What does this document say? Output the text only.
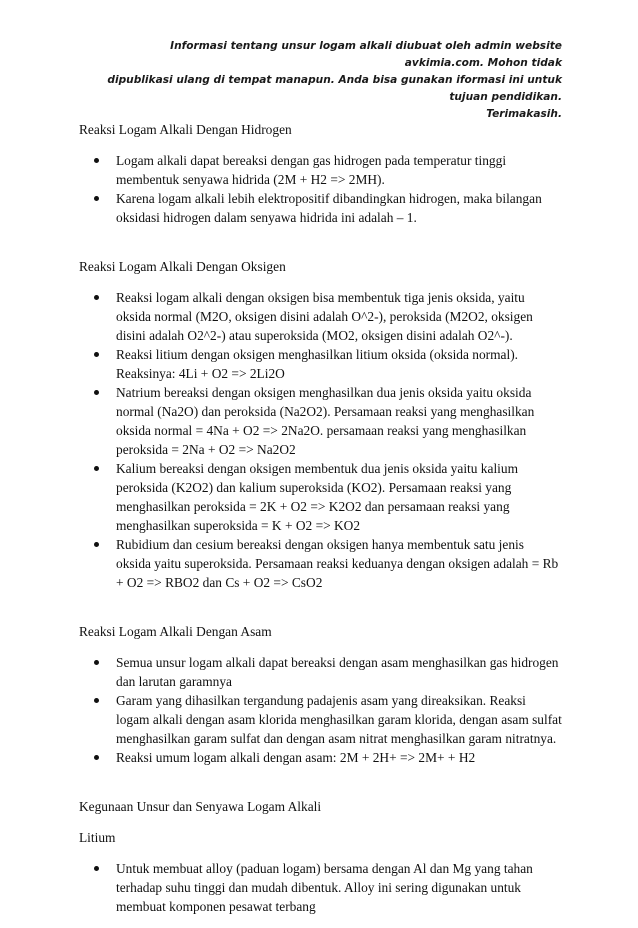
Informasi tentang unsur logam alkali diubuat oleh admin website avkimia.com. Mohon tidak
dipublikasi ulang di tempat manapun. Anda bisa gunakan iformasi ini untuk tujuan pendidikan.
Terimakasih.
Reaksi Logam Alkali Dengan Hidrogen
Logam alkali dapat bereaksi dengan gas hidrogen pada temperatur tinggi membentuk senyawa hidrida (2M + H2 => 2MH).
Karena logam alkali lebih elektropositif dibandingkan hidrogen, maka bilangan oksidasi hidrogen dalam senyawa hidrida ini adalah – 1.
Reaksi Logam Alkali Dengan Oksigen
Reaksi logam alkali dengan oksigen bisa membentuk tiga jenis oksida, yaitu oksida normal (M2O, oksigen disini adalah O^2-), peroksida (M2O2, oksigen disini adalah O2^2-) atau superoksida (MO2, oksigen disini adalah O2^-).
Reaksi litium dengan oksigen menghasilkan litium oksida (oksida normal).
Reaksinya: 4Li + O2 => 2Li2O
Natrium bereaksi dengan oksigen menghasilkan dua jenis oksida yaitu oksida normal (Na2O) dan peroksida (Na2O2). Persamaan reaksi yang menghasilkan oksida normal = 4Na + O2 => 2Na2O. persamaan reaksi yang menghasilkan peroksida = 2Na + O2 => Na2O2
Kalium bereaksi dengan oksigen membentuk dua jenis oksida yaitu kalium peroksida (K2O2) dan kalium superoksida (KO2). Persamaan reaksi yang menghasilkan peroksida = 2K + O2 => K2O2 dan persamaan reaksi yang menghasilkan superoksida = K + O2 => KO2
Rubidium dan cesium bereaksi dengan oksigen hanya membentuk satu jenis oksida yaitu superoksida. Persamaan reaksi keduanya dengan oksigen adalah = Rb + O2 => RBO2 dan Cs + O2 => CsO2
Reaksi Logam Alkali Dengan Asam
Semua unsur logam alkali dapat bereaksi dengan asam menghasilkan gas hidrogen dan larutan garamnya
Garam yang dihasilkan tergandung padajenis asam yang direaksikan. Reaksi logam alkali dengan asam klorida menghasilkan garam klorida, dengan asam sulfat menghasilkan garam sulfat dan dengan asam nitrat menghasilkan garam nitratnya.
Reaksi umum logam alkali dengan asam: 2M + 2H+ => 2M+ + H2
Kegunaan Unsur dan Senyawa Logam Alkali
Litium
Untuk membuat alloy (paduan logam) bersama dengan Al dan Mg yang tahan terhadap suhu tinggi dan mudah dibentuk. Alloy ini sering digunakan untuk membuat komponen pesawat terbang
